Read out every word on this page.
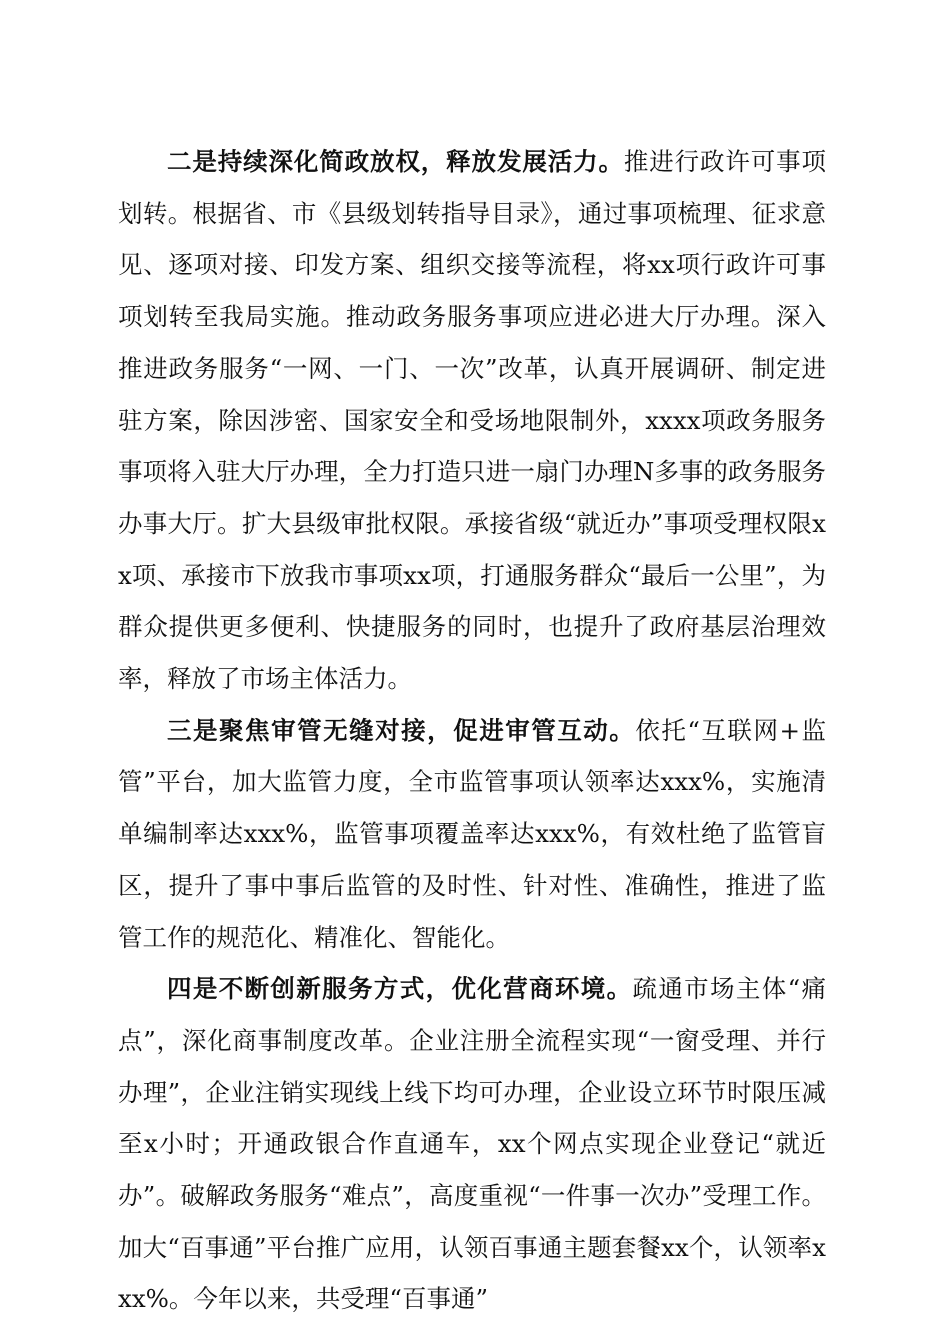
二是持续深化简政放权，释放发展活力。推进行政许可事项划转。根据省、市《县级划转指导目录》，通过事项梳理、征求意见、逐项对接、印发方案、组织交接等流程，将xx项行政许可事项划转至我局实施。推动政务服务事项应进必进大厅办理。深入推进政务服务“一网、一门、一次”改革，认真开展调研、制定进驻方案，除因涉密、国家安全和受场地限制外，xxxx项政务服务事项将入驻大厅办理，全力打造只进一扇门办理N多事的政务服务办事大厅。扩大县级审批权限。承接省级“就近办”事项受理权限xx项、承接市下放我市事项xx项，打通服务群众“最后一公里”，为群众提供更多便利、快捷服务的同时，也提升了政府基层治理效率，释放了市场主体活力。

三是聚焦审管无缝对接，促进审管互动。依托“互联网+监管”平台，加大监管力度，全市监管事项认领率达xxx%，实施清单编制率达xxx%，监管事项覆盖率达xxx%，有效杜绝了监管盲区，提升了事中事后监管的及时性、针对性、准确性，推进了监管工作的规范化、精准化、智能化。

四是不断创新服务方式，优化营商环境。疏通市场主体“痛点”，深化商事制度改革。企业注册全流程实现“一窗受理、并行办理”，企业注销实现线上线下均可办理，企业设立环节时限压减至x小时；开通政银合作直通车，xx个网点实现企业登记“就近办”。破解政务服务“难点”，高度重视“一件事一次办”受理工作。加大“百事通”平台推广应用，认领百事通主题套餐xx个，认领率xxx%。今年以来，共受理“百事通”
